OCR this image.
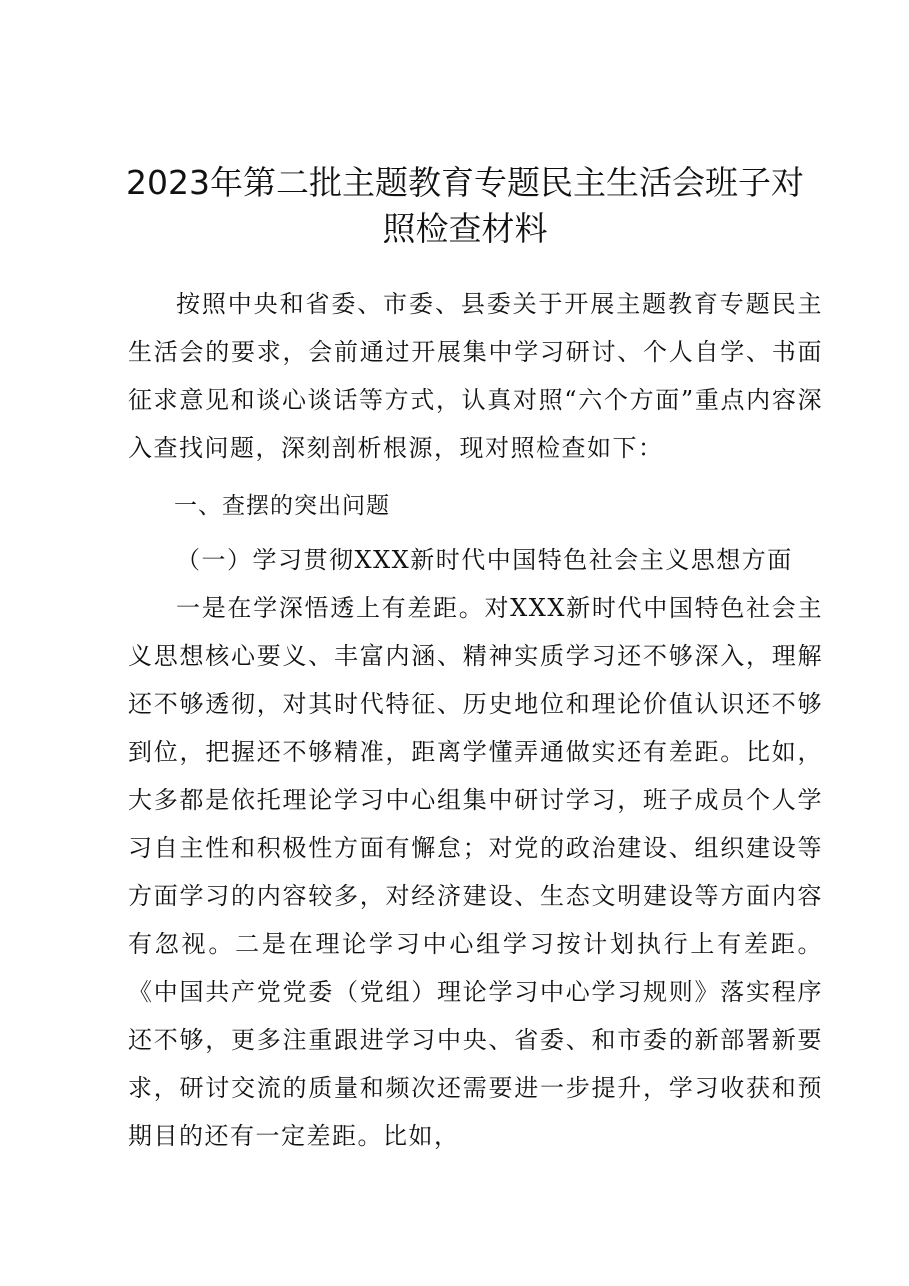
2023年第二批主题教育专题民主生活会班子对照检查材料

按照中央和省委、市委、县委关于开展主题教育专题民主生活会的要求，会前通过开展集中学习研讨、个人自学、书面征求意见和谈心谈话等方式，认真对照“六个方面”重点内容深入查找问题，深刻剖析根源，现对照检查如下：

一、查摆的突出问题

（一）学习贯彻XXX新时代中国特色社会主义思想方面

一是在学深悟透上有差距。对XXX新时代中国特色社会主义思想核心要义、丰富内涵、精神实质学习还不够深入，理解还不够透彻，对其时代特征、历史地位和理论价值认识还不够到位，把握还不够精准，距离学懂弄通做实还有差距。比如，大多都是依托理论学习中心组集中研讨学习，班子成员个人学习自主性和积极性方面有懈怠；对党的政治建设、组织建设等方面学习的内容较多，对经济建设、生态文明建设等方面内容有忽视。二是在理论学习中心组学习按计划执行上有差距。《中国共产党党委（党组）理论学习中心学习规则》落实程序还不够，更多注重跟进学习中央、省委、和市委的新部署新要求，研讨交流的质量和频次还需要进一步提升，学习收获和预期目的还有一定差距。比如，
